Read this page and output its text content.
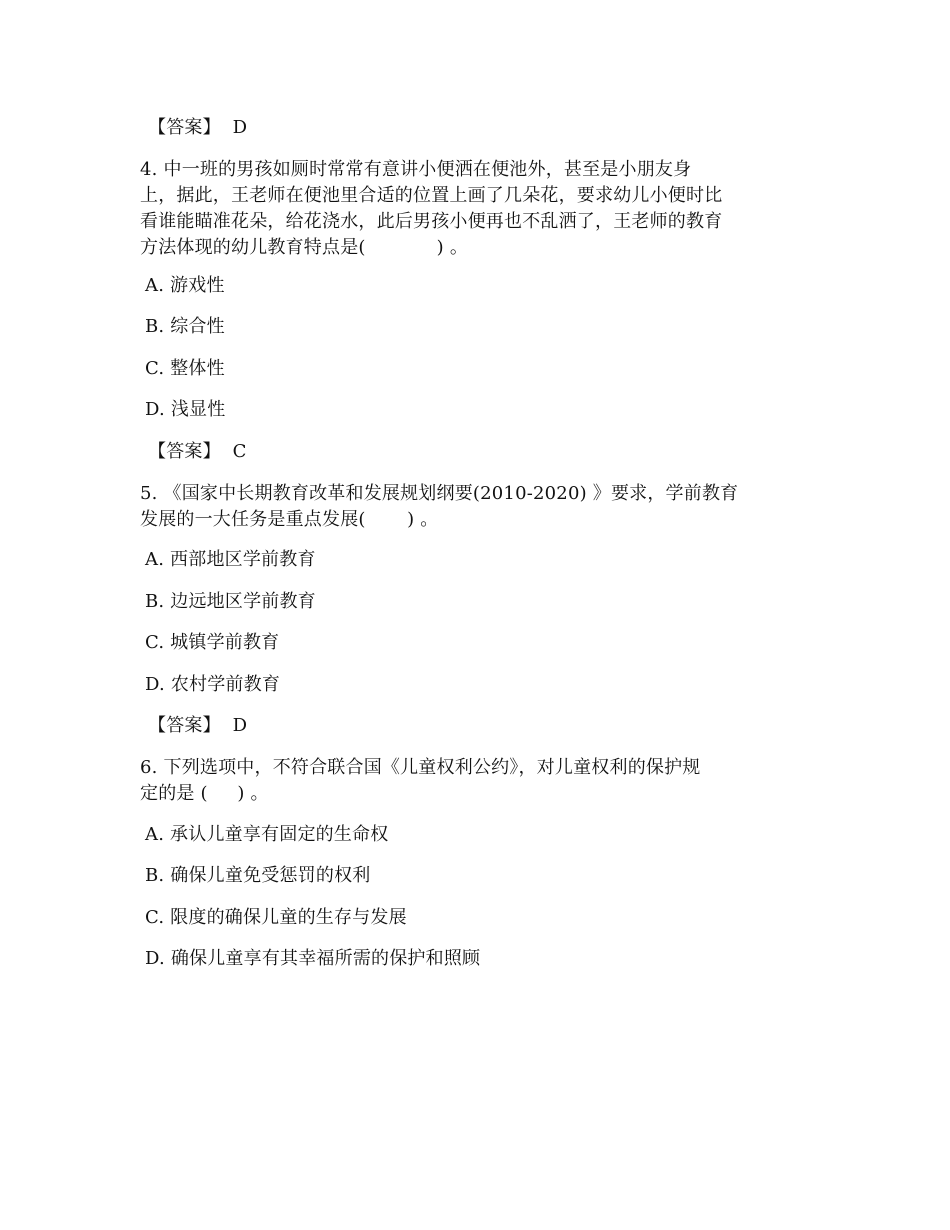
【答案】 D
4. 中一班的男孩如厕时常常有意讲小便洒在便池外，甚至是小朋友身
上，据此，王老师在便池里合适的位置上画了几朵花，要求幼儿小便时比
看谁能瞄准花朵，给花浇水，此后男孩小便再也不乱洒了，王老师的教育
方法体现的幼儿教育特点是(            ) 。
A. 游戏性
B. 综合性
C. 整体性
D. 浅显性
【答案】 C
5. 《国家中长期教育改革和发展规划纲要(2010-2020) 》要求，学前教育
发展的一大任务是重点发展(       ) 。
A. 西部地区学前教育
B. 边远地区学前教育
C. 城镇学前教育
D. 农村学前教育
【答案】 D
6. 下列选项中，不符合联合国《儿童权利公约》，对儿童权利的保护规
定的是 (     ) 。
A. 承认儿童享有固定的生命权
B. 确保儿童免受惩罚的权利
C. 限度的确保儿童的生存与发展
D. 确保儿童享有其幸福所需的保护和照顾
